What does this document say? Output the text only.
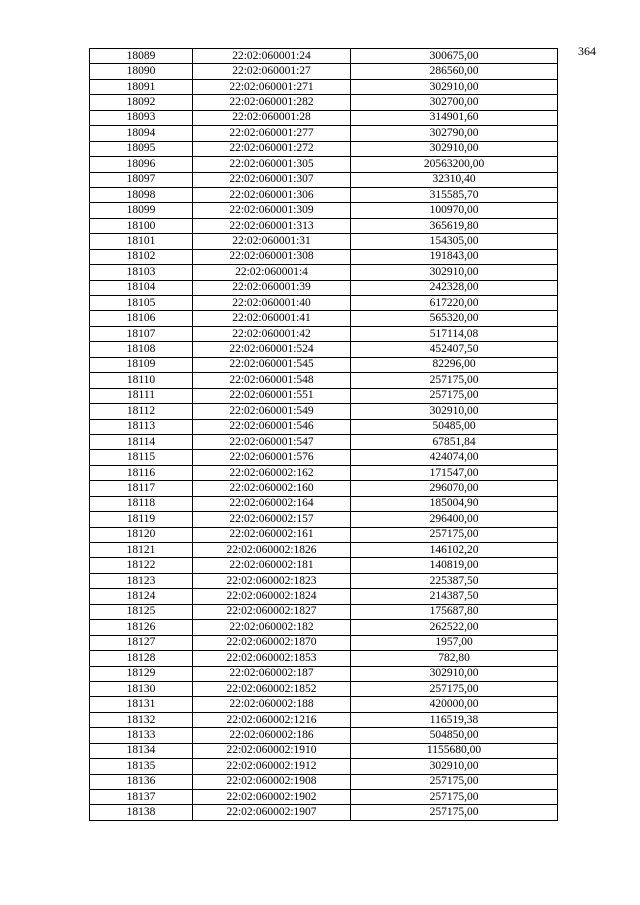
364
18089	22:02:060001:24	300675,00
18090	22:02:060001:27	286560,00
18091	22:02:060001:271	302910,00
18092	22:02:060001:282	302700,00
18093	22:02:060001:28	314901,60
18094	22:02:060001:277	302790,00
18095	22:02:060001:272	302910,00
18096	22:02:060001:305	20563200,00
18097	22:02:060001:307	32310,40
18098	22:02:060001:306	315585,70
18099	22:02:060001:309	100970,00
18100	22:02:060001:313	365619,80
18101	22:02:060001:31	154305,00
18102	22:02:060001:308	191843,00
18103	22:02:060001:4	302910,00
18104	22:02:060001:39	242328,00
18105	22:02:060001:40	617220,00
18106	22:02:060001:41	565320,00
18107	22:02:060001:42	517114,08
18108	22:02:060001:524	452407,50
18109	22:02:060001:545	82296,00
18110	22:02:060001:548	257175,00
18111	22:02:060001:551	257175,00
18112	22:02:060001:549	302910,00
18113	22:02:060001:546	50485,00
18114	22:02:060001:547	67851,84
18115	22:02:060001:576	424074,00
18116	22:02:060002:162	171547,00
18117	22:02:060002:160	296070,00
18118	22:02:060002:164	185004,90
18119	22:02:060002:157	296400,00
18120	22:02:060002:161	257175,00
18121	22:02:060002:1826	146102,20
18122	22:02:060002:181	140819,00
18123	22:02:060002:1823	225387,50
18124	22:02:060002:1824	214387,50
18125	22:02:060002:1827	175687,80
18126	22:02:060002:182	262522,00
18127	22:02:060002:1870	1957,00
18128	22:02:060002:1853	782,80
18129	22:02:060002:187	302910,00
18130	22:02:060002:1852	257175,00
18131	22:02:060002:188	420000,00
18132	22:02:060002:1216	116519,38
18133	22:02:060002:186	504850,00
18134	22:02:060002:1910	1155680,00
18135	22:02:060002:1912	302910,00
18136	22:02:060002:1908	257175,00
18137	22:02:060002:1902	257175,00
18138	22:02:060002:1907	257175,00
